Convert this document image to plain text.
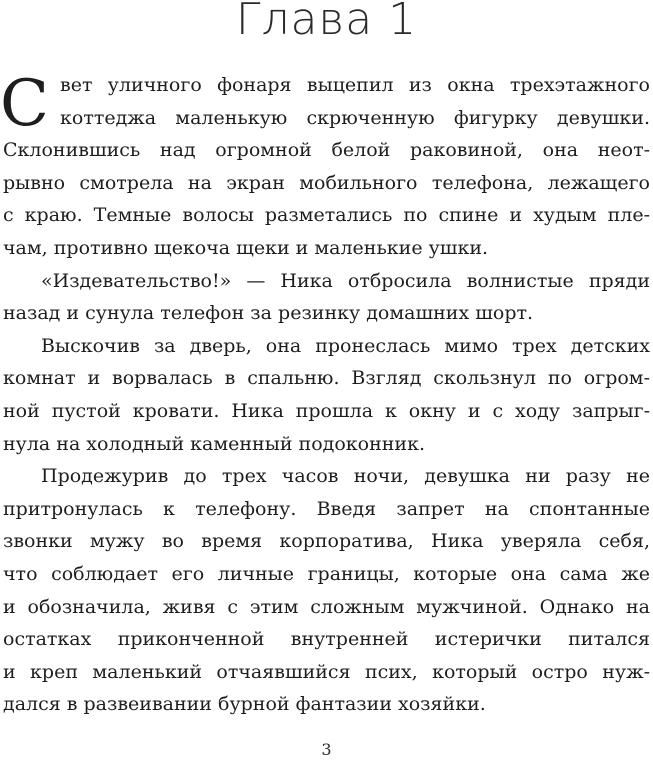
Глава 1
С вет уличного фонаря выцепил из окна трехэтажного
коттеджа маленькую скрюченную фигурку девушки.
Склонившись над огромной белой раковиной, она неот-
рывно смотрела на экран мобильного телефона, лежащего
с краю. Темные волосы разметались по спине и худым пле-
чам, противно щекоча щеки и маленькие ушки.
«Издевательство!» — Ника отбросила волнистые пряди
назад и сунула телефон за резинку домашних шорт.
Выскочив за дверь, она пронеслась мимо трех детских
комнат и ворвалась в спальню. Взгляд скользнул по огром-
ной пустой кровати. Ника прошла к окну и с ходу запрыг-
нула на холодный каменный подоконник.
Продежурив до трех часов ночи, девушка ни разу не
притронулась к телефону. Введя запрет на спонтанные
звонки мужу во время корпоратива, Ника уверяла себя,
что соблюдает его личные границы, которые она сама же
и обозначила, живя с этим сложным мужчиной. Однако на
остатках приконченной внутренней истерички питался
и креп маленький отчаявшийся псих, который остро нуж-
дался в развеивании бурной фантазии хозяйки.
3
